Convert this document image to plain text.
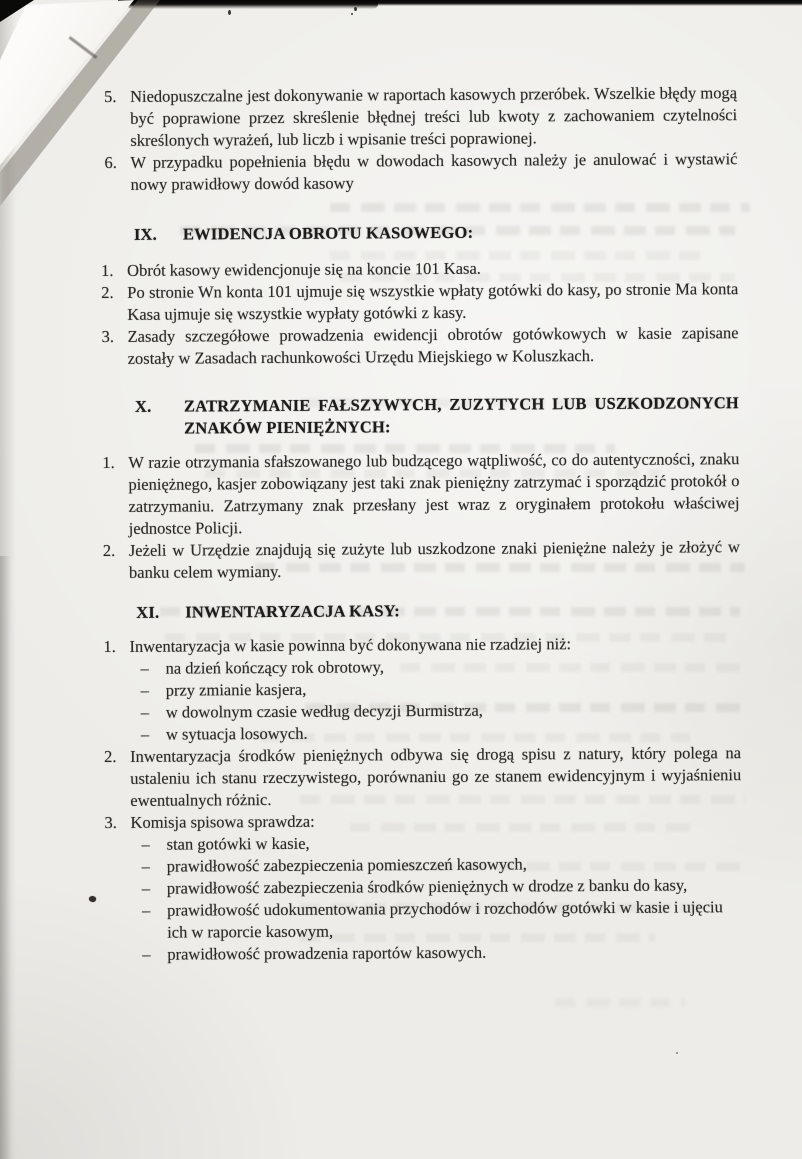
5. Niedopuszczalne jest dokonywanie w raportach kasowych przeróbek. Wszelkie błędy mogą być poprawione przez skreślenie błędnej treści lub kwoty z zachowaniem czytelności skreślonych wyrażeń, lub liczb i wpisanie treści poprawionej.
6. W przypadku popełnienia błędu w dowodach kasowych należy je anulować i wystawić nowy prawidłowy dowód kasowy
IX.	EWIDENCJA OBROTU KASOWEGO:
1. Obrót kasowy ewidencjonuje się na koncie 101 Kasa.
2. Po stronie Wn konta 101 ujmuje się wszystkie wpłaty gotówki do kasy, po stronie Ma konta Kasa ujmuje się wszystkie wypłaty gotówki z kasy.
3. Zasady szczegółowe prowadzenia ewidencji obrotów gotówkowych w kasie zapisane zostały w Zasadach rachunkowości Urzędu Miejskiego w Koluszkach.
X.	ZATRZYMANIE FAŁSZYWYCH, ZUZYTYCH LUB USZKODZONYCH ZNAKÓW PIENIĘŻNYCH:
1. W razie otrzymania sfałszowanego lub budzącego wątpliwość, co do autentyczności, znaku pieniężnego, kasjer zobowiązany jest taki znak pieniężny zatrzymać i sporządzić protokół o zatrzymaniu. Zatrzymany znak przesłany jest wraz z oryginałem protokołu właściwej jednostce Policji.
2. Jeżeli w Urzędzie znajdują się zużyte lub uszkodzone znaki pieniężne należy je złożyć w banku celem wymiany.
XI.	INWENTARYZACJA KASY:
1. Inwentaryzacja w kasie powinna być dokonywana nie rzadziej niż:
–	na dzień kończący rok obrotowy,
–	przy zmianie kasjera,
–	w dowolnym czasie według decyzji Burmistrza,
–	w sytuacja losowych.
2. Inwentaryzacja środków pieniężnych odbywa się drogą spisu z natury, który polega na ustaleniu ich stanu rzeczywistego, porównaniu go ze stanem ewidencyjnym i wyjaśnieniu ewentualnych różnic.
3. Komisja spisowa sprawdza:
–	stan gotówki w kasie,
–	prawidłowość zabezpieczenia pomieszczeń kasowych,
–	prawidłowość zabezpieczenia środków pieniężnych w drodze z banku do kasy,
–	prawidłowość udokumentowania przychodów i rozchodów gotówki w kasie i ujęciu ich w raporcie kasowym,
–	prawidłowość prowadzenia raportów kasowych.
